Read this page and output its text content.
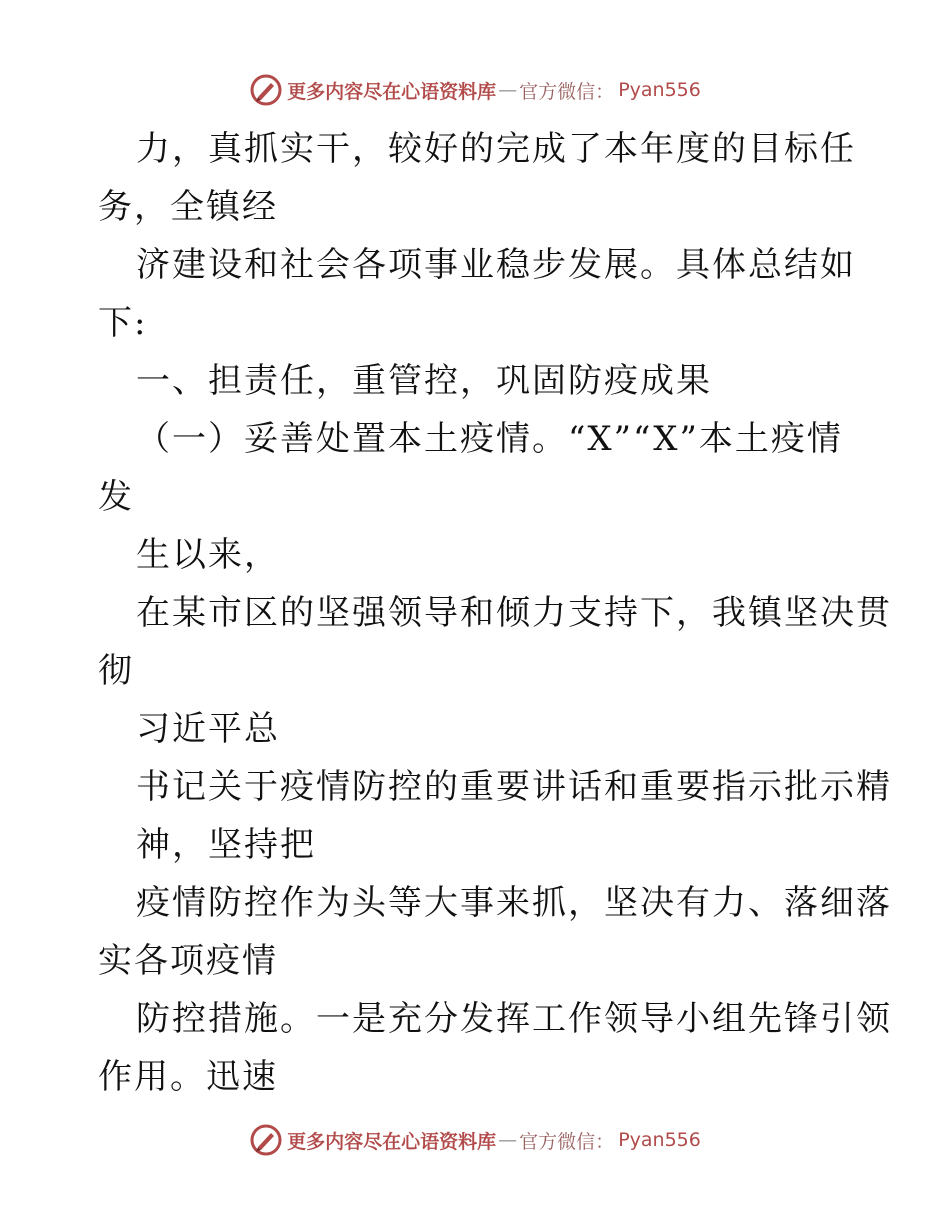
更多内容尽在心语资料库 — 官方微信： Pyan556
力，真抓实干，较好的完成了本年度的目标任
务，全镇经
济建设和社会各项事业稳步发展。具体总结如
下:
一、担责任，重管控，巩固防疫成果
（一）妥善处置本土疫情。“X”“X”本土疫情
发
生以来，
在某市区的坚强领导和倾力支持下，我镇坚决贯
彻
习近平总
书记关于疫情防控的重要讲话和重要指示批示精
神，坚持把
疫情防控作为头等大事来抓，坚决有力、落细落
实各项疫情
防控措施。一是充分发挥工作领导小组先锋引领
作用。迅速
更多内容尽在心语资料库 — 官方微信： Pyan556
